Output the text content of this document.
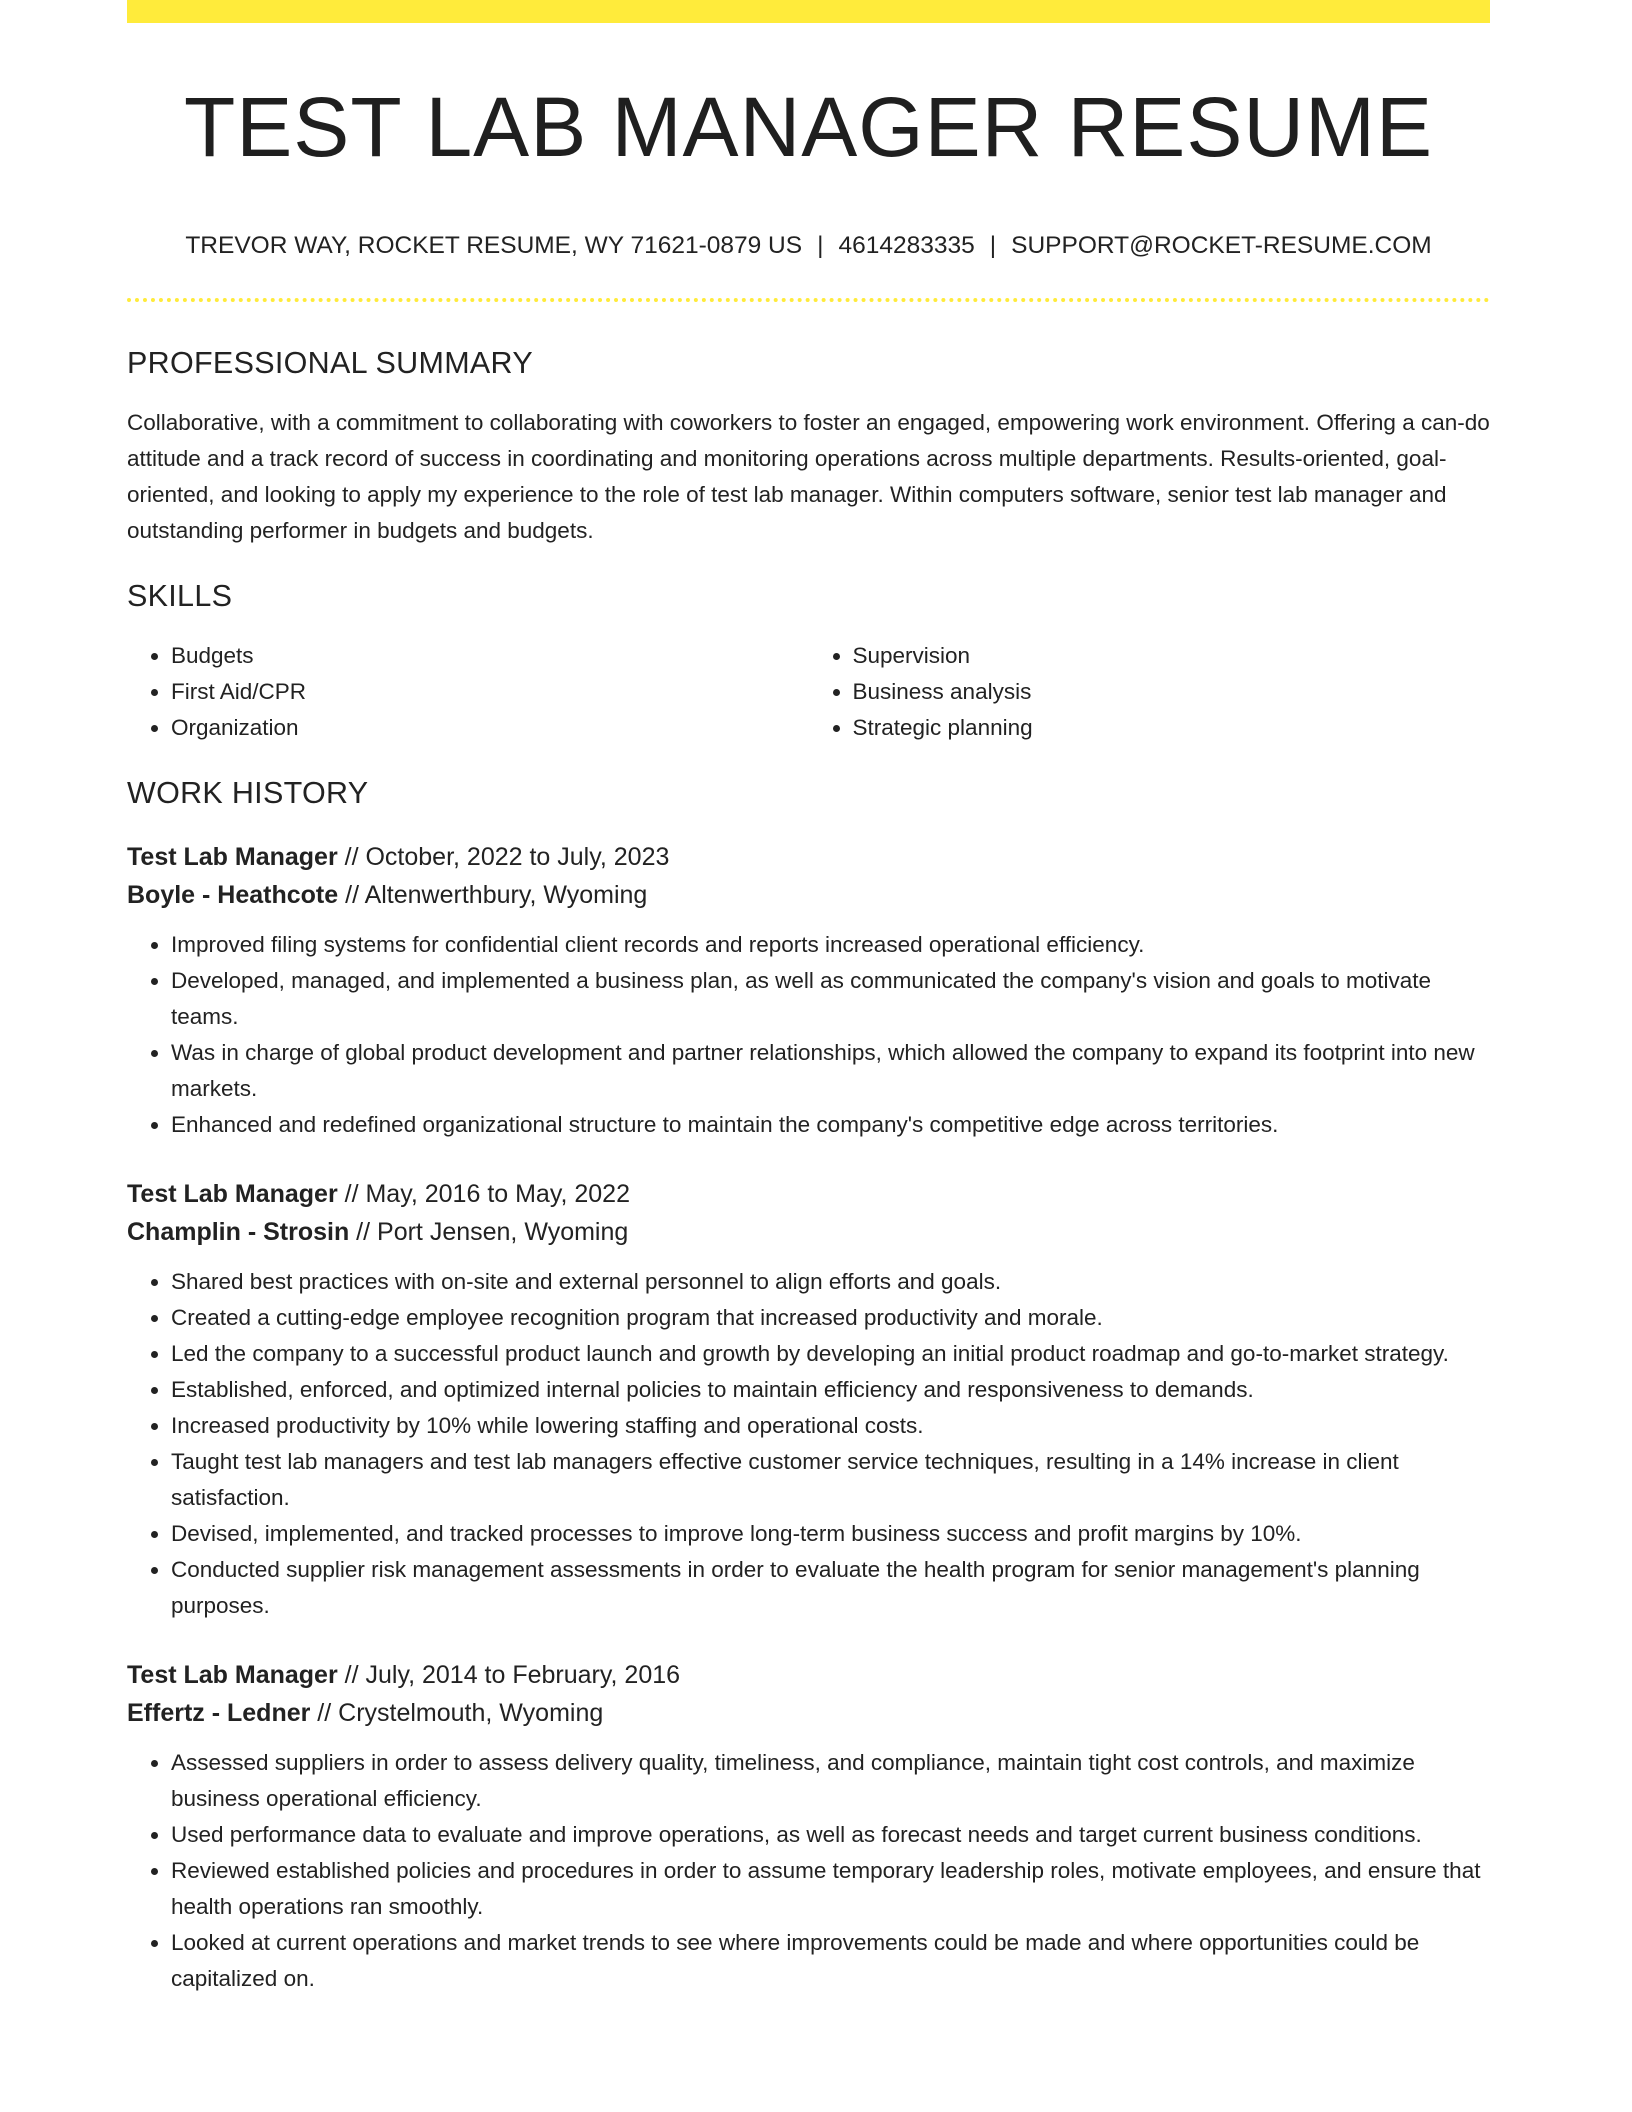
TEST LAB MANAGER RESUME
TREVOR WAY, ROCKET RESUME, WY 71621-0879 US | 4614283335 | SUPPORT@ROCKET-RESUME.COM
PROFESSIONAL SUMMARY
Collaborative, with a commitment to collaborating with coworkers to foster an engaged, empowering work environment. Offering a can-do attitude and a track record of success in coordinating and monitoring operations across multiple departments. Results-oriented, goal-oriented, and looking to apply my experience to the role of test lab manager. Within computers software, senior test lab manager and outstanding performer in budgets and budgets.
SKILLS
• Budgets
• First Aid/CPR
• Organization
• Supervision
• Business analysis
• Strategic planning
WORK HISTORY
Test Lab Manager // October, 2022 to July, 2023
Boyle - Heathcote // Altenwerthbury, Wyoming
• Improved filing systems for confidential client records and reports increased operational efficiency.
• Developed, managed, and implemented a business plan, as well as communicated the company's vision and goals to motivate teams.
• Was in charge of global product development and partner relationships, which allowed the company to expand its footprint into new markets.
• Enhanced and redefined organizational structure to maintain the company's competitive edge across territories.
Test Lab Manager // May, 2016 to May, 2022
Champlin - Strosin // Port Jensen, Wyoming
• Shared best practices with on-site and external personnel to align efforts and goals.
• Created a cutting-edge employee recognition program that increased productivity and morale.
• Led the company to a successful product launch and growth by developing an initial product roadmap and go-to-market strategy.
• Established, enforced, and optimized internal policies to maintain efficiency and responsiveness to demands.
• Increased productivity by 10% while lowering staffing and operational costs.
• Taught test lab managers and test lab managers effective customer service techniques, resulting in a 14% increase in client satisfaction.
• Devised, implemented, and tracked processes to improve long-term business success and profit margins by 10%.
• Conducted supplier risk management assessments in order to evaluate the health program for senior management's planning purposes.
Test Lab Manager // July, 2014 to February, 2016
Effertz - Ledner // Crystelmouth, Wyoming
• Assessed suppliers in order to assess delivery quality, timeliness, and compliance, maintain tight cost controls, and maximize business operational efficiency.
• Used performance data to evaluate and improve operations, as well as forecast needs and target current business conditions.
• Reviewed established policies and procedures in order to assume temporary leadership roles, motivate employees, and ensure that health operations ran smoothly.
• Looked at current operations and market trends to see where improvements could be made and where opportunities could be capitalized on.
